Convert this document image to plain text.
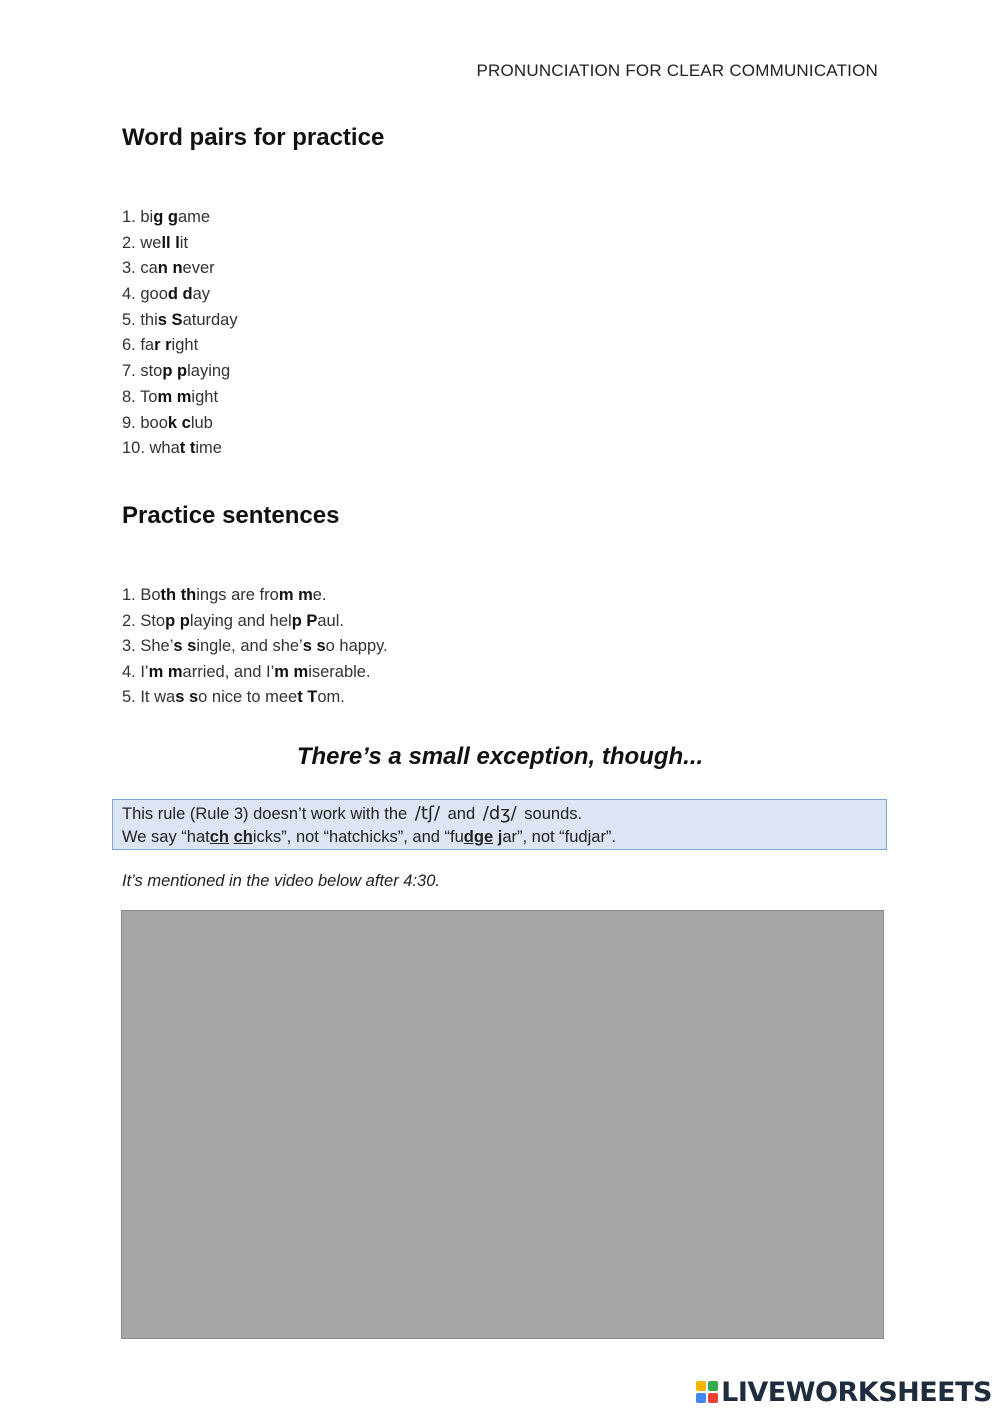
PRONUNCIATION FOR CLEAR COMMUNICATION
Word pairs for practice
1. big game
2. well lit
3. can never
4. good day
5. this Saturday
6. far right
7. stop playing
8. Tom might
9. book club
10. what time
Practice sentences
1. Both things are from me.
2. Stop playing and help Paul.
3. She’s single, and she’s so happy.
4. I’m married, and I’m miserable.
5. It was so nice to meet Tom.
There’s a small exception, though...
This rule (Rule 3) doesn’t work with the /tʃ/ and /dʒ/ sounds.
We say “hatch chicks”, not “hatchicks”, and “fudge jar”, not “fudjar”.

It’s mentioned in the video below after 4:30.

LIVEWORKSHEETS
